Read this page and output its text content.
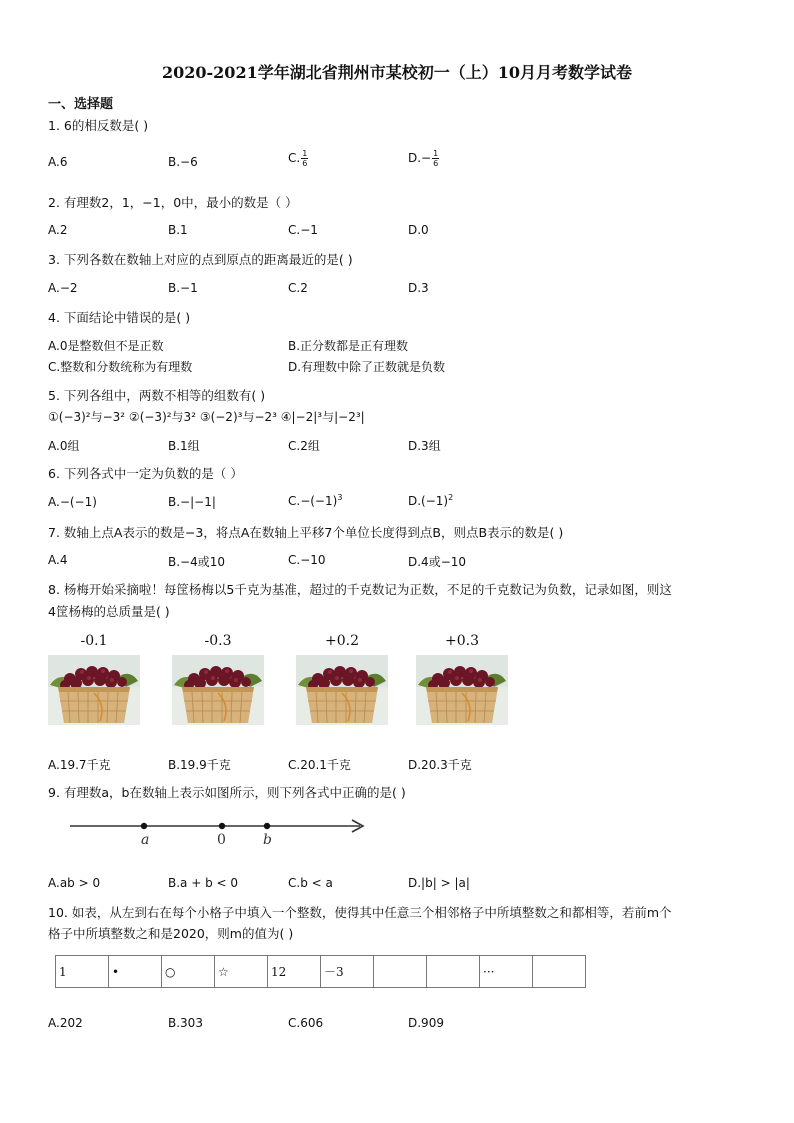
2020-2021学年湖北省荆州市某校初一（上）10月月考数学试卷
一、选择题
1. 6的相反数是( )
A.6	B.−6	C. $\frac{1}{6}$	$D.- \frac{1}{6}$
2. 有理数2，1，−1，0中，最小的数是（ ）
A.2	B.1	C.−1	D.0
3. 下列各数在数轴上对应的点到原点的距离最近的是( )
A.−2	B.−1	C.2	D.3
4. 下面结论中错误的是( )
A.0是整数但不是正数	B.正分数都是正有理数
C.整数和分数统称为有理数	D.有理数中除了正数就是负数
5. 下列各组中，两数不相等的组数有( )
①(−3)²与−3² ②(−3)²与3² ③(−2)³与−2³ ④|−2|³与|−2³|
A.0组	B.1组	C.2组	D.3组
6. 下列各式中一定为负数的是（ ）
A.−(−1)	B.−|−1|	$C.-(-1)^3$	$D.(-1)^2$
7. 数轴上点A表示的数是−3，将点A在数轴上平移7个单位长度得到点B，则点B表示的数是( )
A.4	B.−4或10	C.−10	D.4或−10
8. 杨梅开始采摘啦！每筐杨梅以5千克为基准，超过的千克数记为正数，不足的千克数记为负数，记录如图，则这
4筐杨梅的总质量是( )
-0.1	-0.3	+0.2	+0.3
A.19.7千克	B.19.9千克	C.20.1千克	D.20.3千克
9. 有理数a，b在数轴上表示如图所示，则下列各式中正确的是( )
a	0	b
A.ab > 0	B.a + b < 0	C.b < a	D.|b| > |a|
10. 如表，从左到右在每个小格子中填入一个整数，使得其中任意三个相邻格子中所填整数之和都相等，若前m个
格子中所填整数之和是2020，则m的值为( )
1	•	○	☆	12	－3			···	
A.202	B.303	C.606	D.909
